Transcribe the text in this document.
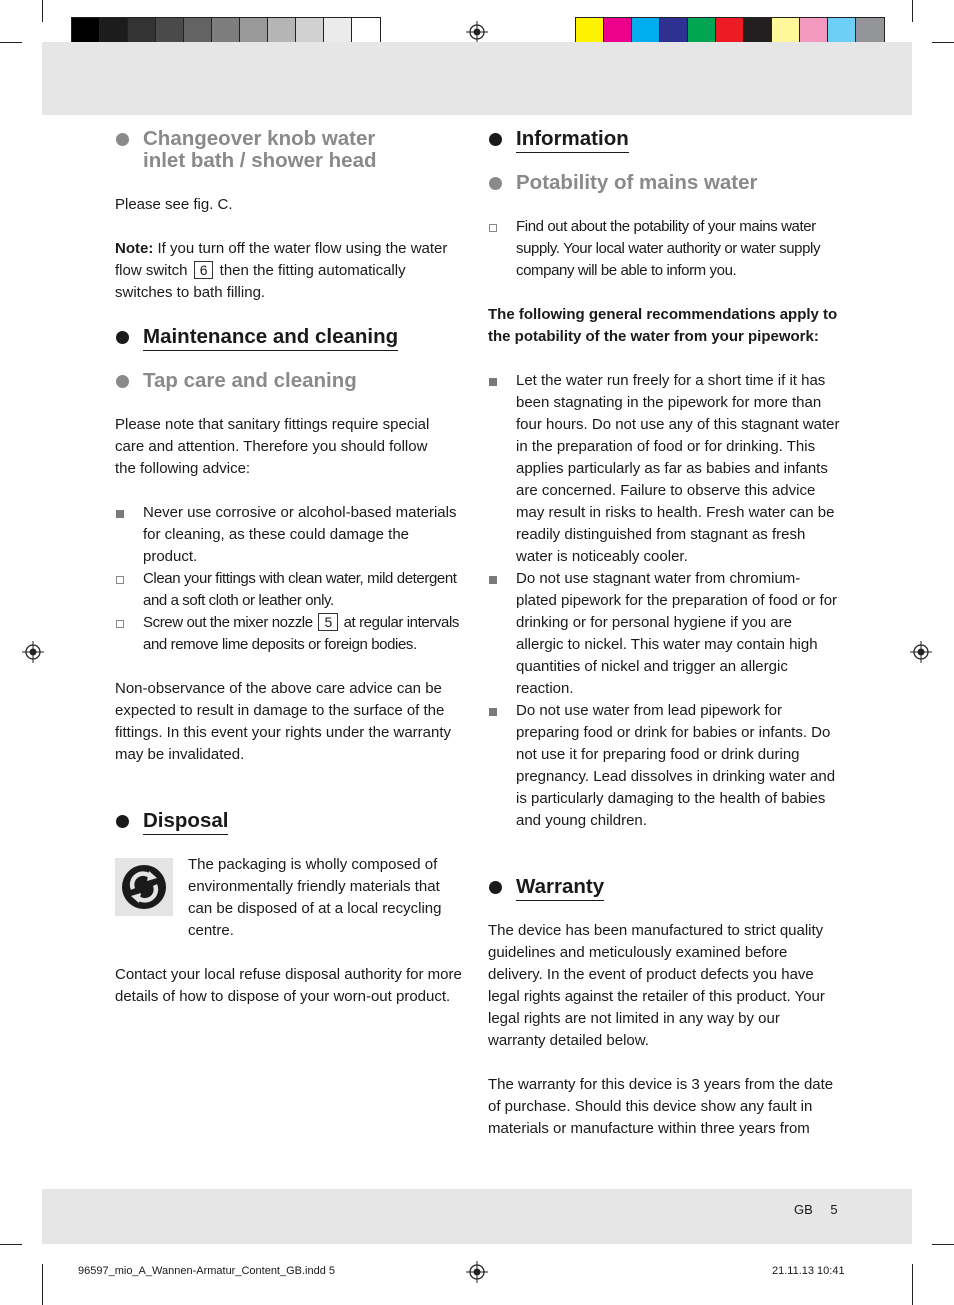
Changeover knob water inlet bath / shower head

Please see fig. C.

Note: If you turn off the water flow using the water flow switch 6 then the fitting automatically switches to bath filling.

Maintenance and cleaning
Tap care and cleaning

Please note that sanitary fittings require special care and attention. Therefore you should follow the following advice:

Never use corrosive or alcohol-based materials for cleaning, as these could damage the product.
Clean your fittings with clean water, mild detergent and a soft cloth or leather only.
Screw out the mixer nozzle 5 at regular intervals and remove lime deposits or foreign bodies.

Non-observance of the above care advice can be expected to result in damage to the surface of the fittings. In this event your rights under the warranty may be invalidated.

Disposal

The packaging is wholly composed of environmentally friendly materials that can be disposed of at a local recycling centre.

Contact your local refuse disposal authority for more details of how to dispose of your worn-out product.

Information
Potability of mains water
Find out about the potability of your mains water supply. Your local water authority or water supply company will be able to inform you.

The following general recommendations apply to the potability of the water from your pipework:

Let the water run freely for a short time if it has been stagnating in the pipework for more than four hours. Do not use any of this stagnant water in the preparation of food or for drinking. This applies particularly as far as babies and infants are concerned. Failure to observe this advice may result in risks to health. Fresh water can be readily distinguished from stagnant as fresh water is noticeably cooler.
Do not use stagnant water from chromium-plated pipework for the preparation of food or for drinking or for personal hygiene if you are allergic to nickel. This water may contain high quantities of nickel and trigger an allergic reaction.
Do not use water from lead pipework for preparing food or drink for babies or infants. Do not use it for preparing food or drink during pregnancy. Lead dissolves in drinking water and is particularly damaging to the health of babies and young children.
Warranty

The device has been manufactured to strict quality guidelines and meticulously examined before delivery. In the event of product defects you have legal rights against the retailer of this product. Your legal rights are not limited in any way by our warranty detailed below.

The warranty for this device is 3 years from the date of purchase. Should this device show any fault in materials or manufacture within three years from

GB 5
96597_mio_A_Wannen-Armatur_Content_GB.indd 5	21.11.13 10:41
